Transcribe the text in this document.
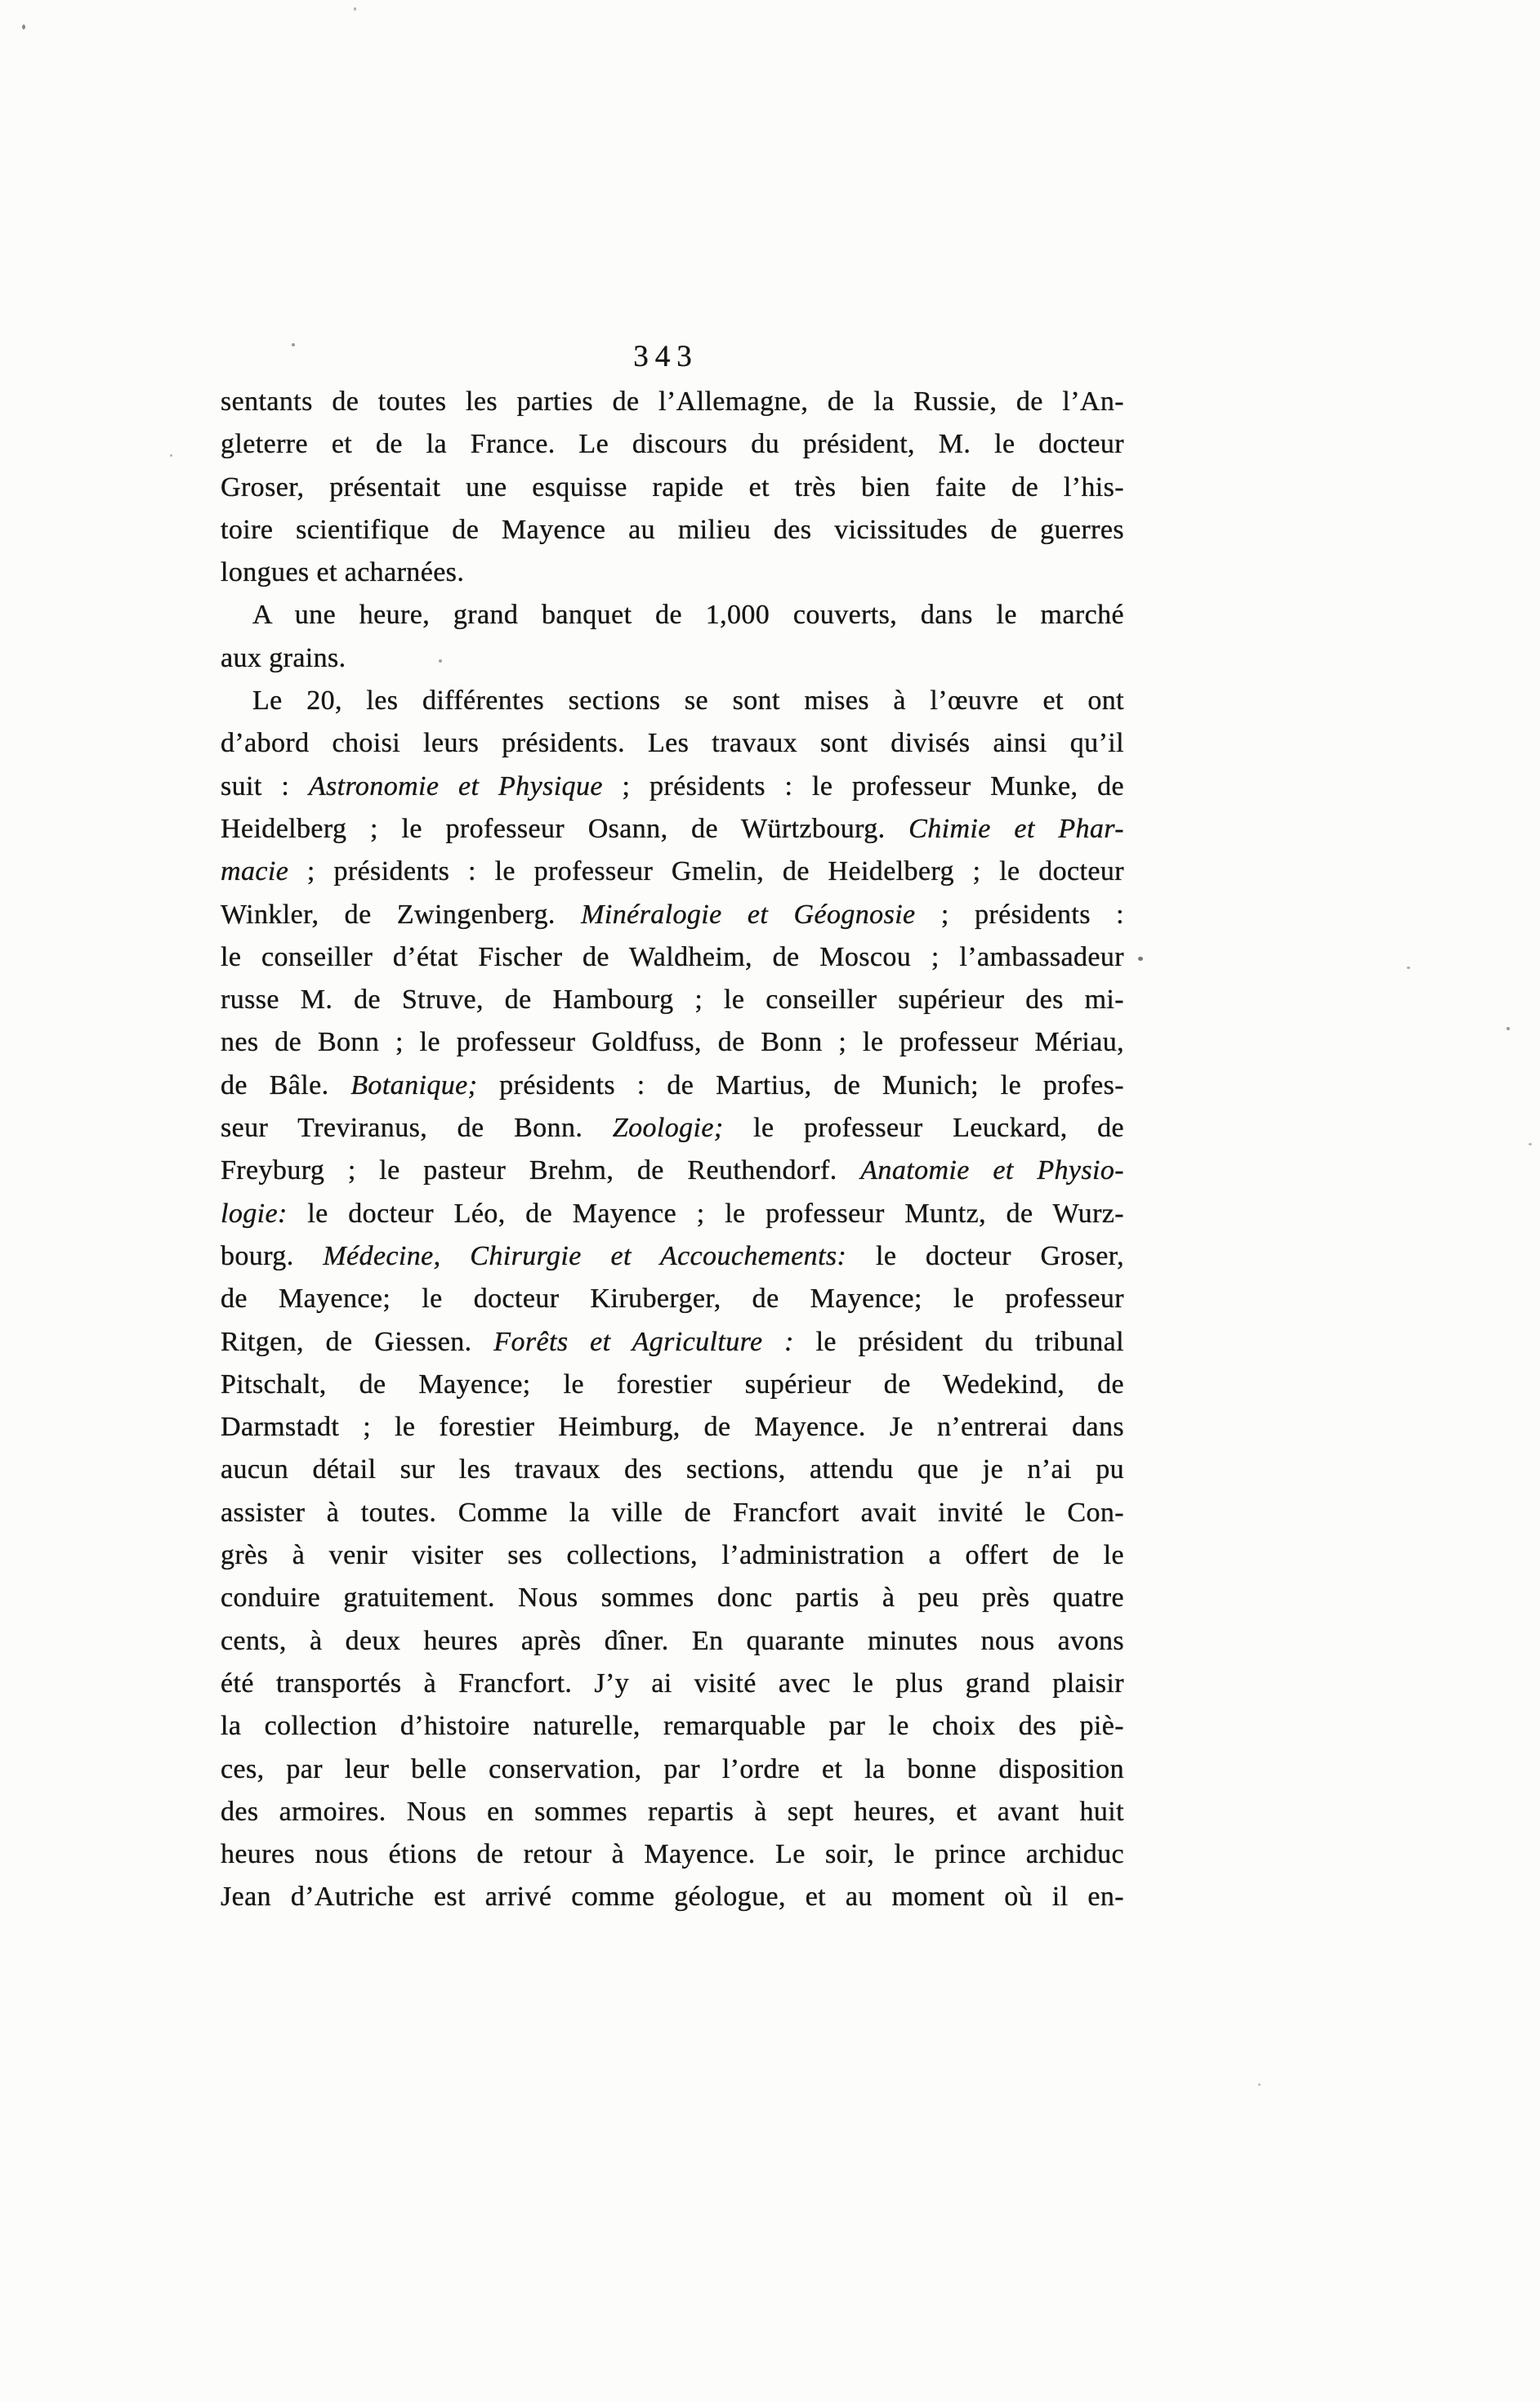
343
sentants de toutes les parties de l’Allemagne, de la Russie, de l’An-
gleterre et de la France. Le discours du président, M. le docteur
Groser, présentait une esquisse rapide et très bien faite de l’his-
toire scientifique de Mayence au milieu des vicissitudes de guerres
longues et acharnées.
A une heure, grand banquet de 1,000 couverts, dans le marché
aux grains.
Le 20, les différentes sections se sont mises à l’œuvre et ont
d’abord choisi leurs présidents. Les travaux sont divisés ainsi qu’il
suit : Astronomie et Physique ; présidents : le professeur Munke, de
Heidelberg ; le professeur Osann, de Würtzbourg. Chimie et Phar-
macie ; présidents : le professeur Gmelin, de Heidelberg ; le docteur
Winkler, de Zwingenberg. Minéralogie et Géognosie ; présidents :
le conseiller d’état Fischer de Waldheim, de Moscou ; l’ambassadeur
russe M. de Struve, de Hambourg ; le conseiller supérieur des mi-
nes de Bonn ; le professeur Goldfuss, de Bonn ; le professeur Mériau,
de Bâle. Botanique; présidents : de Martius, de Munich; le profes-
seur Treviranus, de Bonn. Zoologie; le professeur Leuckard, de
Freyburg ; le pasteur Brehm, de Reuthendorf. Anatomie et Physio-
logie: le docteur Léo, de Mayence ; le professeur Muntz, de Wurz-
bourg. Médecine, Chirurgie et Accouchements: le docteur Groser,
de Mayence; le docteur Kiruberger, de Mayence; le professeur
Ritgen, de Giessen. Forêts et Agriculture : le président du tribunal
Pitschalt, de Mayence; le forestier supérieur de Wedekind, de
Darmstadt ; le forestier Heimburg, de Mayence. Je n’entrerai dans
aucun détail sur les travaux des sections, attendu que je n’ai pu
assister à toutes. Comme la ville de Francfort avait invité le Con-
grès à venir visiter ses collections, l’administration a offert de le
conduire gratuitement. Nous sommes donc partis à peu près quatre
cents, à deux heures après dîner. En quarante minutes nous avons
été transportés à Francfort. J’y ai visité avec le plus grand plaisir
la collection d’histoire naturelle, remarquable par le choix des piè-
ces, par leur belle conservation, par l’ordre et la bonne disposition
des armoires. Nous en sommes repartis à sept heures, et avant huit
heures nous étions de retour à Mayence. Le soir, le prince archiduc
Jean d’Autriche est arrivé comme géologue, et au moment où il en-
